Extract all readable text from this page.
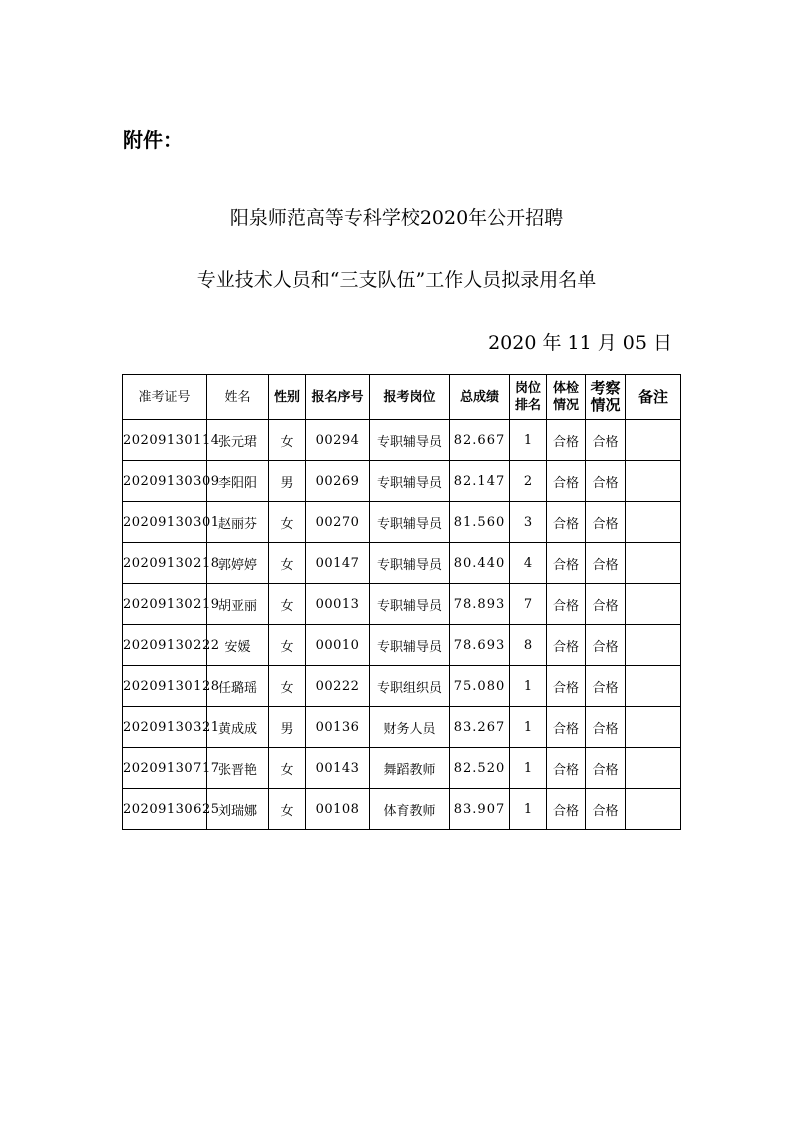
附件：
阳泉师范高等专科学校2020年公开招聘
专业技术人员和“三支队伍”工作人员拟录用名单
2020 年 11 月 05 日
准考证号	姓名	性别	报名序号	报考岗位	总成绩	岗位排名	体检情况	考察情况	备注
20209130114	张元珺	女	00294	专职辅导员	82.667	1	合格	合格	
20209130309	李阳阳	男	00269	专职辅导员	82.147	2	合格	合格	
20209130301	赵丽芬	女	00270	专职辅导员	81.560	3	合格	合格	
20209130218	郭婷婷	女	00147	专职辅导员	80.440	4	合格	合格	
20209130219	胡亚丽	女	00013	专职辅导员	78.893	7	合格	合格	
20209130222	安媛	女	00010	专职辅导员	78.693	8	合格	合格	
20209130128	任璐瑶	女	00222	专职组织员	75.080	1	合格	合格	
20209130321	黄成成	男	00136	财务人员	83.267	1	合格	合格	
20209130717	张晋艳	女	00143	舞蹈教师	82.520	1	合格	合格	
20209130625	刘瑞娜	女	00108	体育教师	83.907	1	合格	合格	
